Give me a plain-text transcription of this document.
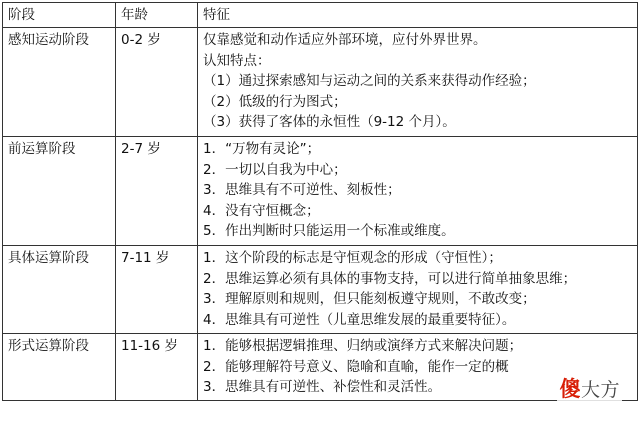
阶段	年龄	特征
感知运动阶段	0-2 岁	仅靠感觉和动作适应外部环境，应付外界世界。
认知特点：
（1）通过探索感知与运动之间的关系来获得动作经验；
（2）低级的行为图式；
（3）获得了客体的永恒性（9-12 个月）。

前运算阶段	2-7 岁	1．“万物有灵论”；
2．一切以自我为中心；
3．思维具有不可逆性、刻板性；
4．没有守恒概念；
5．作出判断时只能运用一个标准或维度。

具体运算阶段	7-11 岁	1．这个阶段的标志是守恒观念的形成（守恒性）；
2．思维运算必须有具体的事物支持，可以进行简单抽象思维；
3．理解原则和规则，但只能刻板遵守规则，不敢改变；
4．思维具有可逆性（儿童思维发展的最重要特征）。

形式运算阶段	11-16 岁	1．能够根据逻辑推理、归纳或演绎方式来解决问题；
2．能够理解符号意义、隐喻和直喻，能作一定的概
3．思维具有可逆性、补偿性和灵活性。	傻大方
